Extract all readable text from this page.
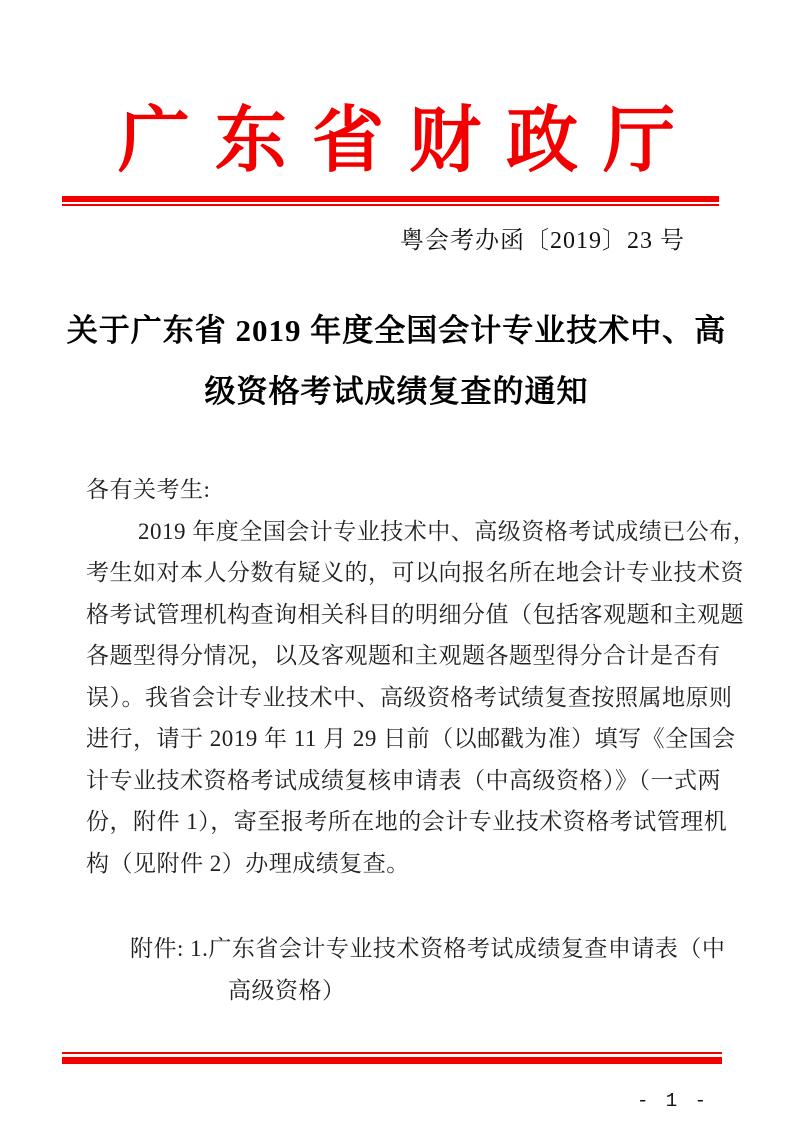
广 东 省 财 政 厅
粤会考办函〔2019〕23 号
关于广东省 2019 年度全国会计专业技术中、高
级资格考试成绩复查的通知
各有关考生:
2019 年度全国会计专业技术中、高级资格考试成绩已公布，
考生如对本人分数有疑义的，可以向报名所在地会计专业技术资
格考试管理机构查询相关科目的明细分值（包括客观题和主观题
各题型得分情况，以及客观题和主观题各题型得分合计是否有
误）。我省会计专业技术中、高级资格考试绩复查按照属地原则
进行，请于 2019 年 11 月 29 日前（以邮戳为准）填写《全国会
计专业技术资格考试成绩复核申请表（中高级资格）》（一式两
份，附件 1），寄至报考所在地的会计专业技术资格考试管理机
构（见附件 2）办理成绩复查。
附件: 1.广东省会计专业技术资格考试成绩复查申请表（中
高级资格）
- 1 -
